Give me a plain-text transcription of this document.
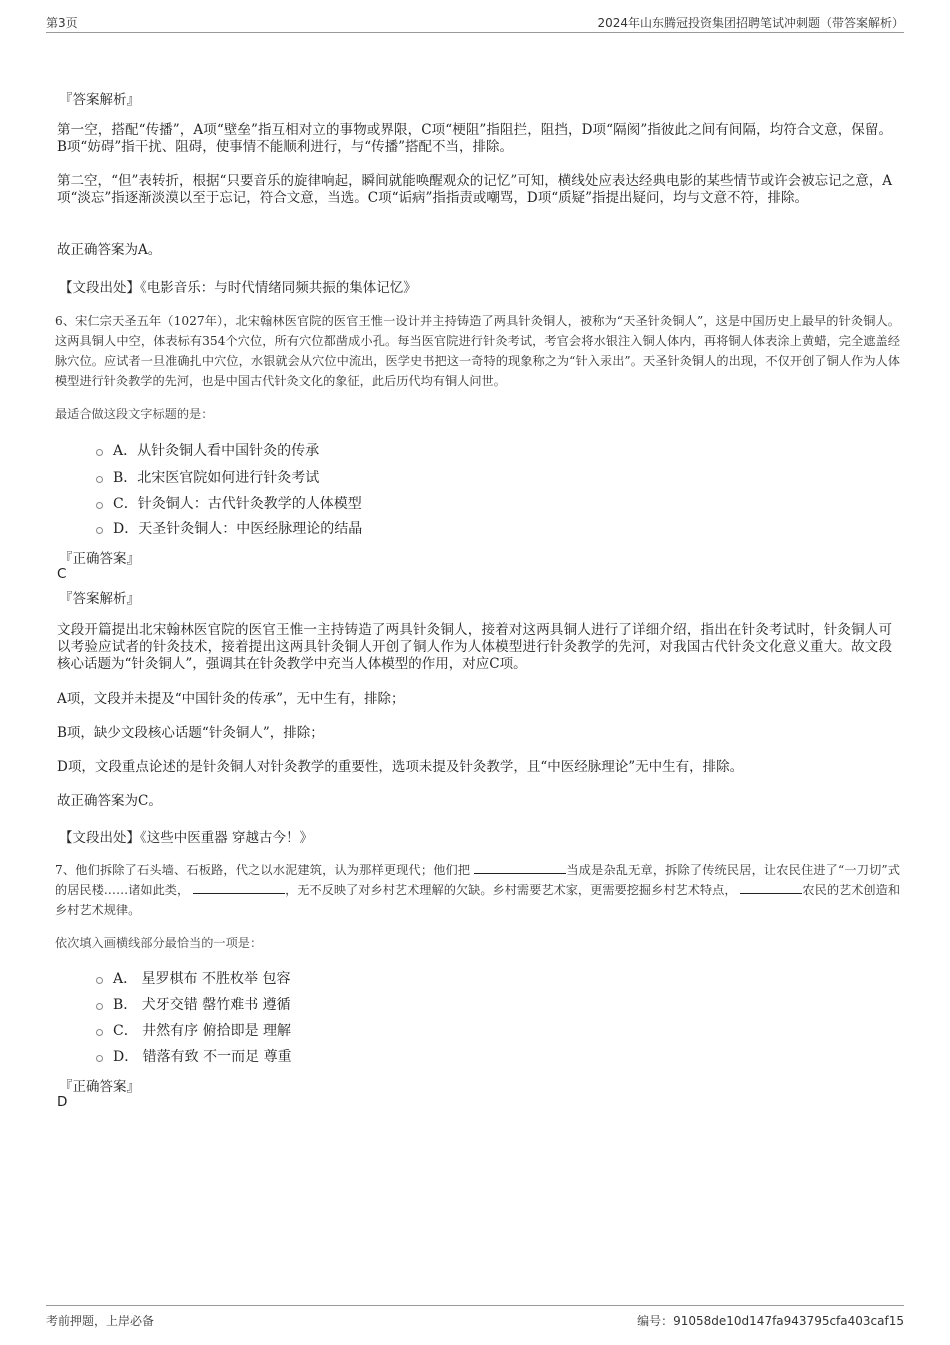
第3页	2024年山东腾冠投资集团招聘笔试冲刺题（带答案解析）
『答案解析』

第一空，搭配“传播”，A项“壁垒”指互相对立的事物或界限，C项“梗阻”指阻拦，阻挡，D项“隔阂”指彼此之间有间隔，均符合文意，保留。B项“妨碍”指干扰、阻碍，使事情不能顺利进行，与“传播”搭配不当，排除。

第二空，“但”表转折，根据“只要音乐的旋律响起，瞬间就能唤醒观众的记忆”可知，横线处应表达经典电影的某些情节或许会被忘记之意，A项“淡忘”指逐渐淡漠以至于忘记，符合文意，当选。C项“诟病”指指责或嘲骂，D项“质疑”指提出疑问，均与文意不符，排除。

故正确答案为A。

【文段出处】《电影音乐：与时代情绪同频共振的集体记忆》

6、宋仁宗天圣五年（1027年），北宋翰林医官院的医官王惟一设计并主持铸造了两具针灸铜人，被称为“天圣针灸铜人”，这是中国历史上最早的针灸铜人。这两具铜人中空，体表标有354个穴位，所有穴位都凿成小孔。每当医官院进行针灸考试，考官会将水银注入铜人体内，再将铜人体表涂上黄蜡，完全遮盖经脉穴位。应试者一旦准确扎中穴位，水银就会从穴位中流出，医学史书把这一奇特的现象称之为“针入汞出”。天圣针灸铜人的出现，不仅开创了铜人作为人体模型进行针灸教学的先河，也是中国古代针灸文化的象征，此后历代均有铜人问世。

最适合做这段文字标题的是：
A．从针灸铜人看中国针灸的传承
B．北宋医官院如何进行针灸考试
C．针灸铜人：古代针灸教学的人体模型
D．天圣针灸铜人：中医经脉理论的结晶
『正确答案』
C
『答案解析』

文段开篇提出北宋翰林医官院的医官王惟一主持铸造了两具针灸铜人，接着对这两具铜人进行了详细介绍，指出在针灸考试时，针灸铜人可以考验应试者的针灸技术，接着提出这两具针灸铜人开创了铜人作为人体模型进行针灸教学的先河，对我国古代针灸文化意义重大。故文段核心话题为“针灸铜人”，强调其在针灸教学中充当人体模型的作用，对应C项。

A项，文段并未提及“中国针灸的传承”，无中生有，排除；

B项，缺少文段核心话题“针灸铜人”，排除；

D项，文段重点论述的是针灸铜人对针灸教学的重要性，选项未提及针灸教学，且“中医经脉理论”无中生有，排除。

故正确答案为C。

【文段出处】《这些中医重器 穿越古今！》

7、他们拆除了石头墙、石板路，代之以水泥建筑，认为那样更现代；他们把	当成是杂乱无章，拆除了传统民居，让农民住进了“一刀切”式的居民楼……诸如此类，	，无不反映了对乡村艺术理解的欠缺。乡村需要艺术家，更需要挖掘乡村艺术特点，	农民的艺术创造和乡村艺术规律。

依次填入画横线部分最恰当的一项是：
A． 星罗棋布 不胜枚举 包容
B． 犬牙交错 罄竹难书 遵循
C． 井然有序 俯拾即是 理解
D． 错落有致 不一而足 尊重
『正确答案』
D
考前押题，上岸必备	编号：91058de10d147fa943795cfa403caf15
